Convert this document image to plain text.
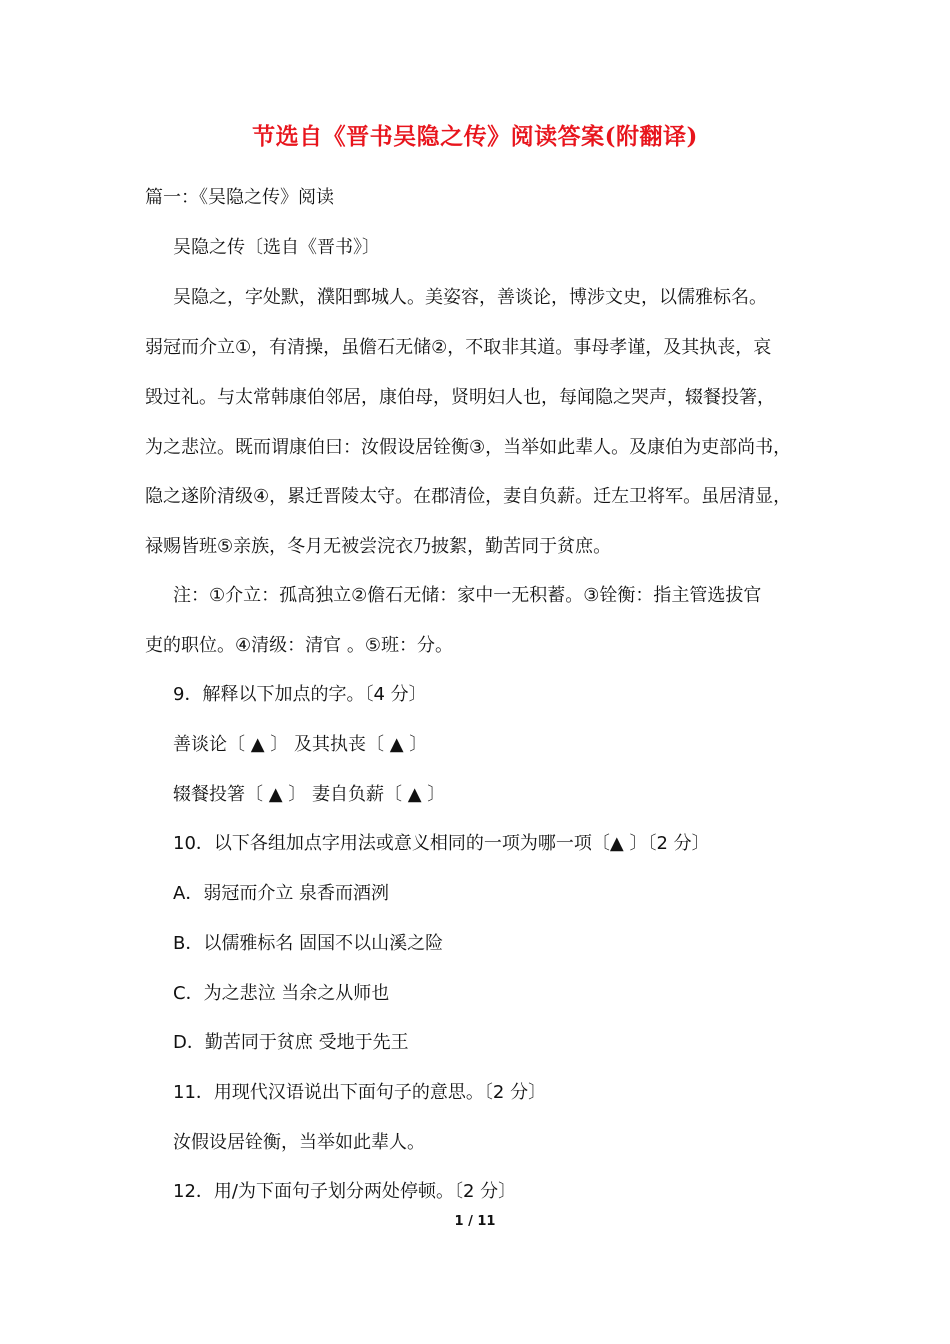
节选自《晋书吴隐之传》阅读答案(附翻译)
篇一：《吴隐之传》阅读
吴隐之传〔选自《晋书》〕
吴隐之，字处默，濮阳鄄城人。美姿容，善谈论，博涉文史，以儒雅标名。
弱冠而介立①，有清操，虽儋石无储②，不取非其道。事母孝谨，及其执丧，哀
毁过礼。与太常韩康伯邻居，康伯母，贤明妇人也，每闻隐之哭声，辍餐投箸，
为之悲泣。既而谓康伯曰：汝假设居铨衡③，当举如此辈人。及康伯为吏部尚书，
隐之遂阶清级④，累迁晋陵太守。在郡清俭，妻自负薪。迁左卫将军。虽居清显，
禄赐皆班⑤亲族，冬月无被尝浣衣乃披絮，勤苦同于贫庶。
注：①介立：孤高独立②儋石无储：家中一无积蓄。③铨衡：指主管选拔官
吏的职位。④清级：清官 。⑤班：分。
9．解释以下加点的字。〔4 分〕
善谈论〔 ▲ 〕 及其执丧〔 ▲ 〕
辍餐投箸〔 ▲ 〕 妻自负薪〔 ▲ 〕
10．以下各组加点字用法或意义相同的一项为哪一项〔▲ 〕〔2 分〕
A．弱冠而介立 泉香而酒洌
B．以儒雅标名 固国不以山溪之险
C．为之悲泣 当余之从师也
D．勤苦同于贫庶 受地于先王
11．用现代汉语说出下面句子的意思。〔2 分〕
汝假设居铨衡，当举如此辈人。
12．用/为下面句子划分两处停顿。〔2 分〕
1 / 11
